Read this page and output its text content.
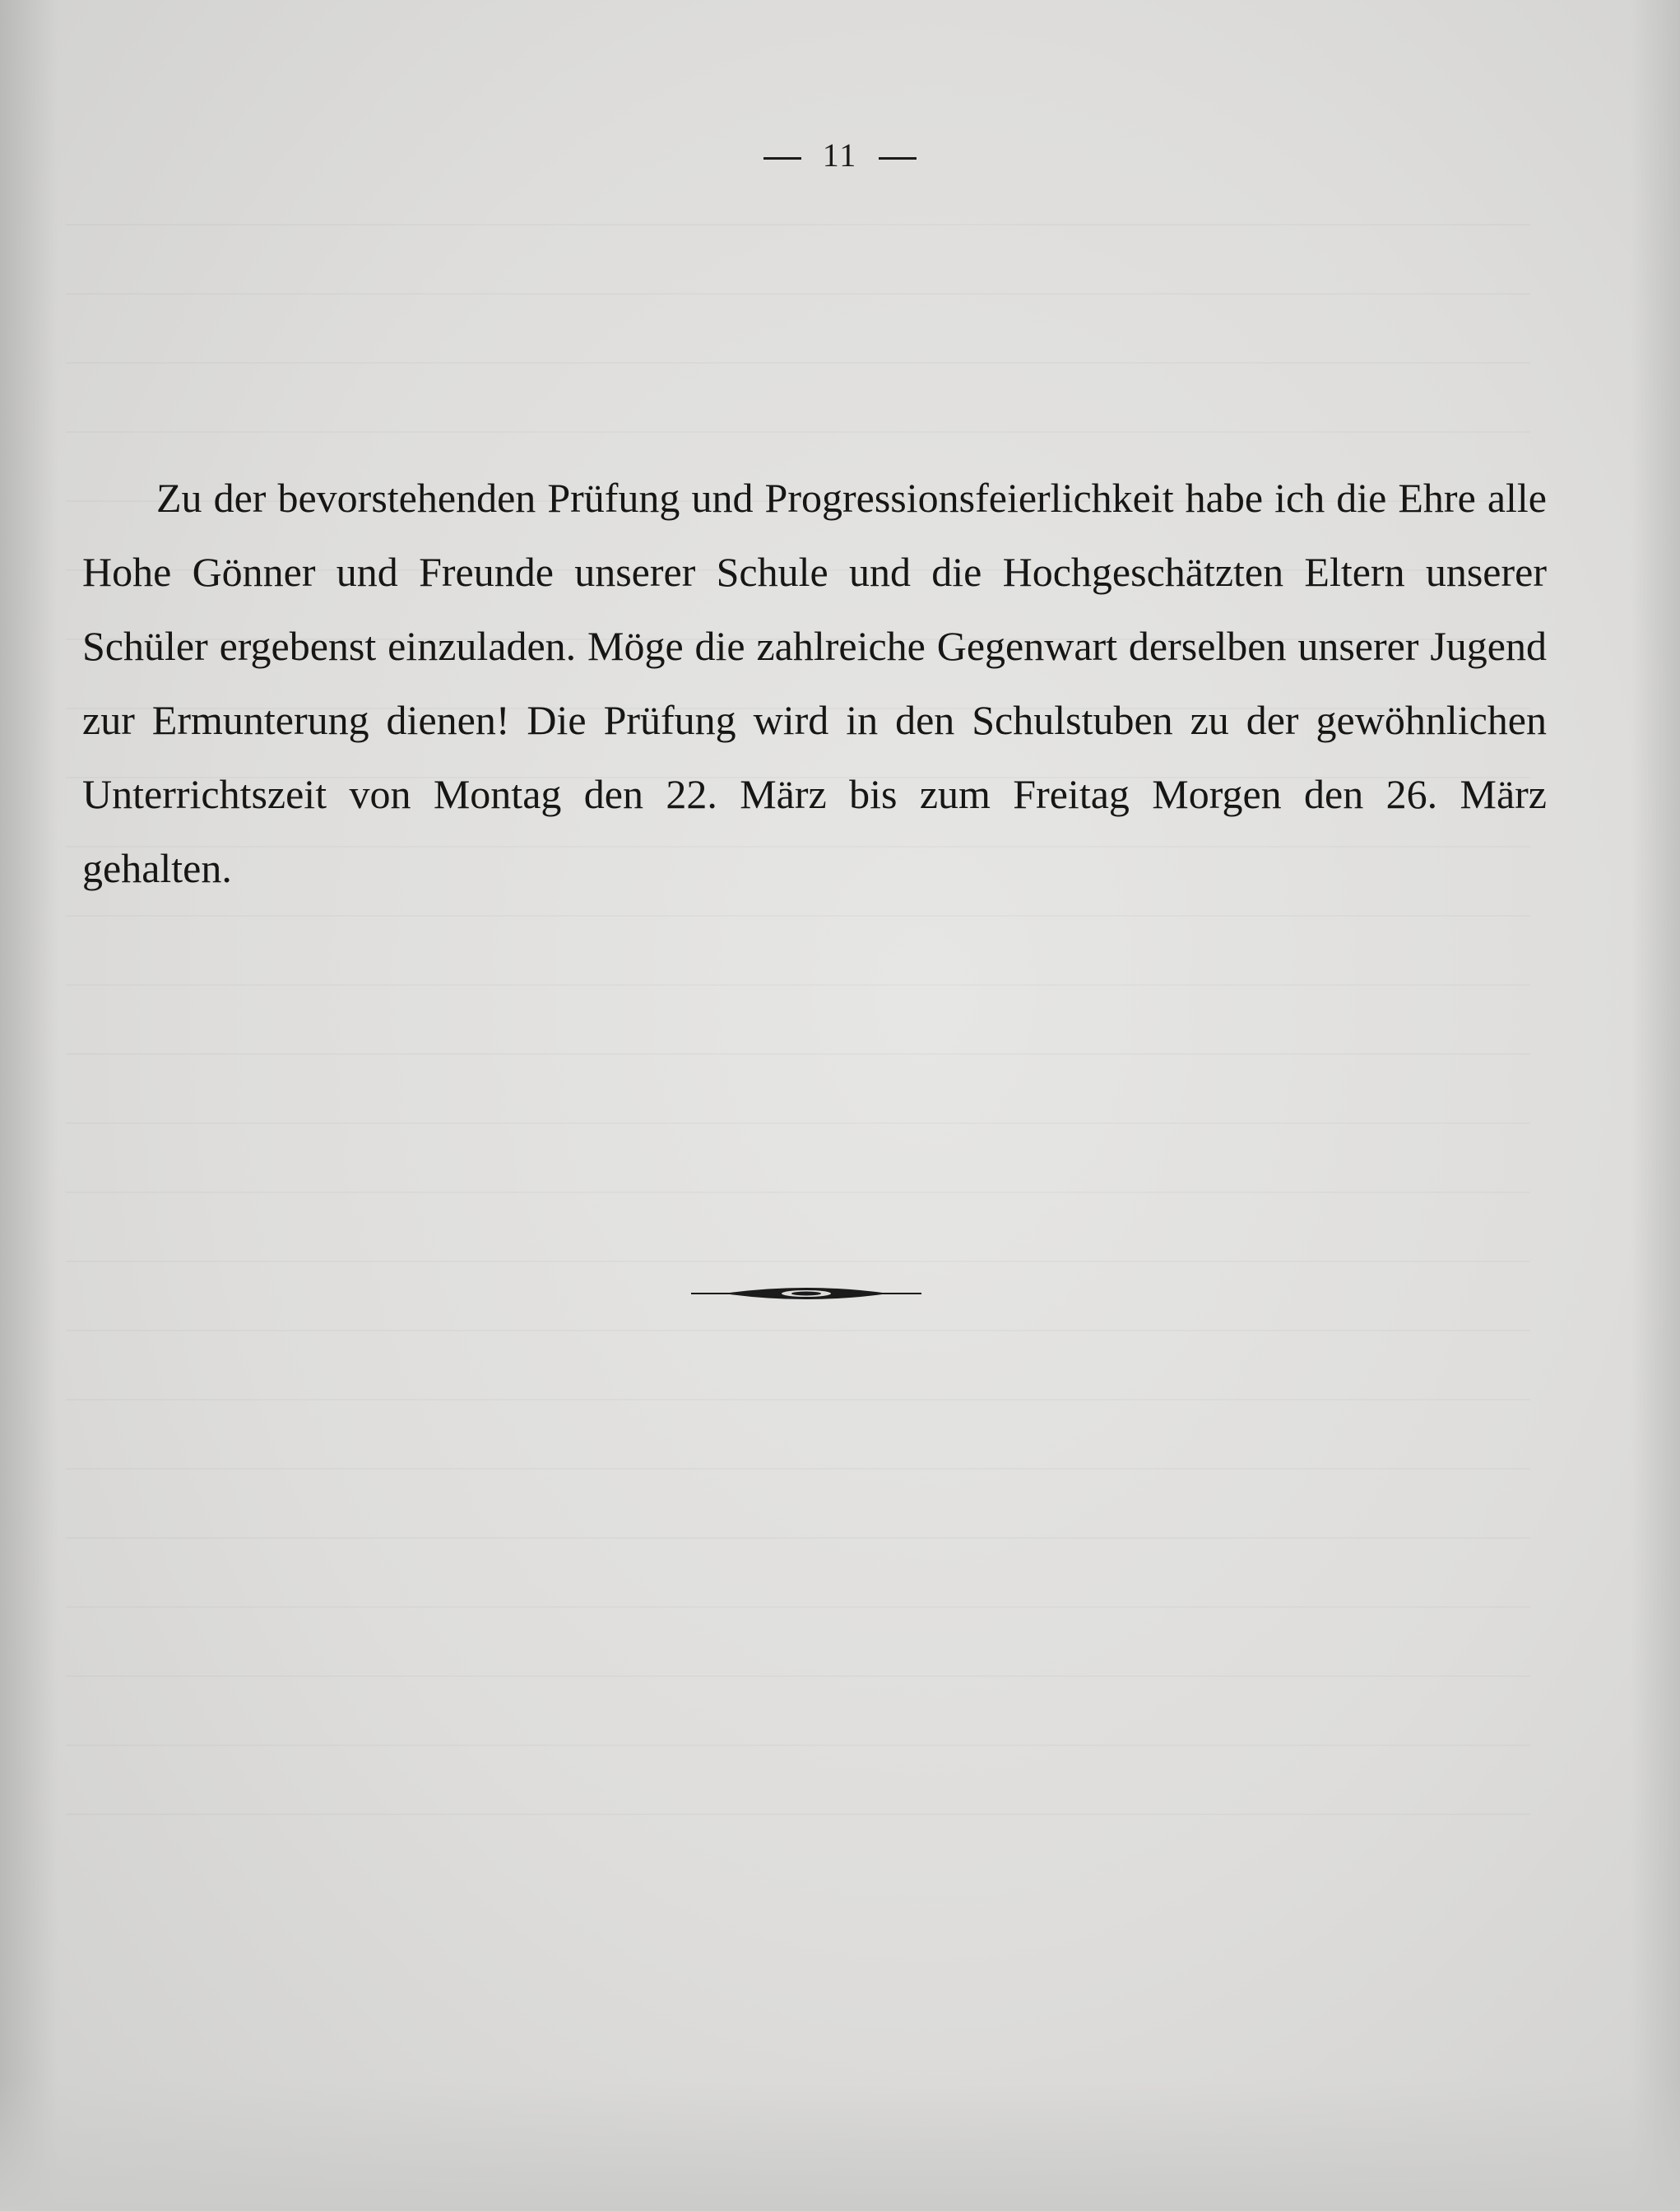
11

Zu der bevorstehenden Prüfung und Progressionsfeierlichkeit habe ich die Ehre alle Hohe Gönner und Freunde unserer Schule und die Hochgeschätzten Eltern unserer Schüler ergebenst einzuladen. Möge die zahlreiche Gegenwart derselben unserer Jugend zur Ermunterung dienen! Die Prüfung wird in den Schulstuben zu der gewöhnlichen Unterrichtszeit von Montag den 22. März bis zum Freitag Morgen den 26. März gehalten.
